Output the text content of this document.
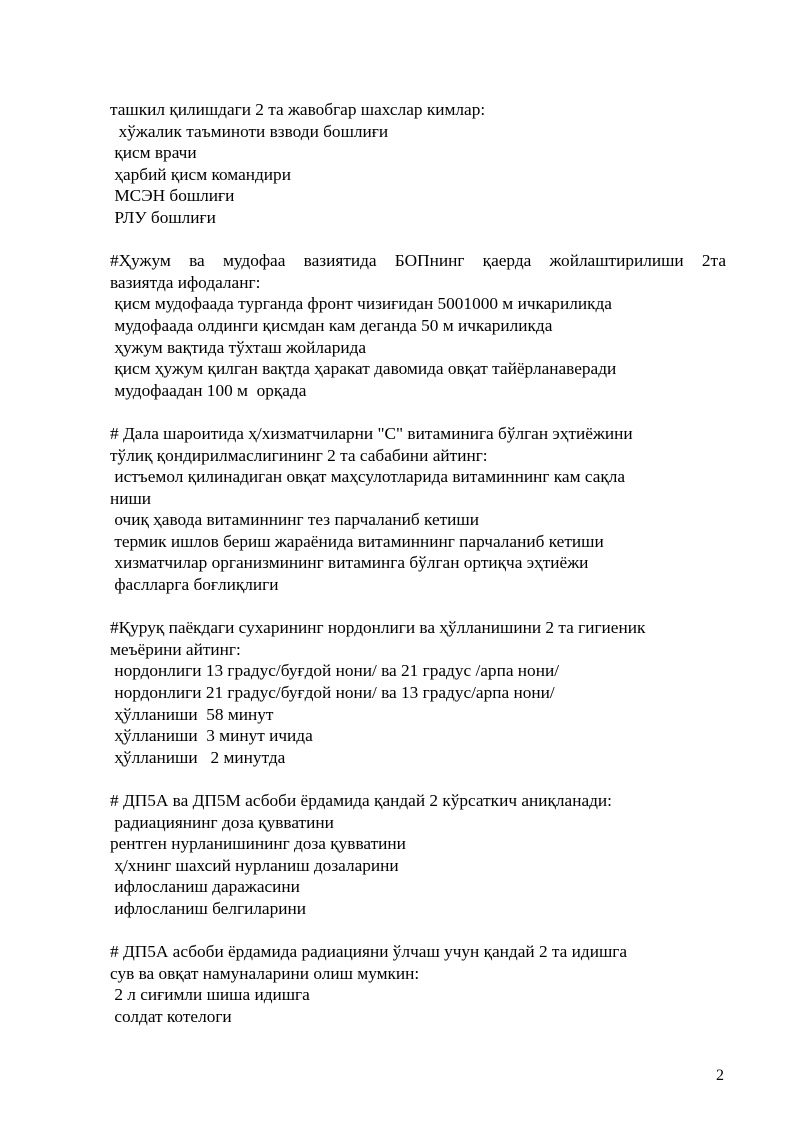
ташкил қилишдаги 2 та жавобгар шахслар кимлар:
хўжалик таъминоти взводи бошлиғи
қисм врачи
ҳарбий қисм командири
МСЭН бошлиғи
РЛУ бошлиғи
#Ҳужум ва мудофаа вазиятида БОПнинг қаерда жойлаштирилиши 2та
вазиятда ифодаланг:
қисм мудофаада турганда фронт чизиғидан 5001000 м ичкариликда
мудофаада олдинги қисмдан кам деганда 50 м ичкариликда
ҳужум вақтида тўхташ жойларида
қисм ҳужум қилган вақтда ҳаракат давомида овқат тайёрланаверади
мудофаадан 100 м  орқада
# Дала шароитида ҳ/хизматчиларни "С" витаминига бўлган эҳтиёжини
тўлиқ қондирилмаслигининг 2 та сабабини айтинг:
истъемол қилинадиган овқат маҳсулотларида витаминнинг кам сақла
ниши
очиқ ҳавода витаминнинг тез парчаланиб кетиши
термик ишлов бериш жараёнида витаминнинг парчаланиб кетиши
хизматчилар организмининг витаминга бўлган ортиқча эҳтиёжи
фаслларга боғлиқлиги
#Қуруқ паёкдаги сухарининг нордонлиги ва ҳўлланишини 2 та гигиеник
меъёрини айтинг:
нордонлиги 13 градус/буғдой нони/ ва 21 градус /арпа нони/
нордонлиги 21 градус/буғдой нони/ ва 13 градус/арпа нони/
ҳўлланиши  58 минут
ҳўлланиши  3 минут ичида
ҳўлланиши   2 минутда
# ДП5А ва ДП5М асбоби ёрдамида қандай 2 кўрсаткич аниқланади:
радиациянинг доза қувватини
рентген нурланишининг доза қувватини
ҳ/хнинг шахсий нурланиш дозаларини
ифлосланиш даражасини
ифлосланиш белгиларини
# ДП5А асбоби ёрдамида радиацияни ўлчаш учун қандай 2 та идишга
сув ва овқат намуналарини олиш мумкин:
2 л сиғимли шиша идишга
солдат котелоги
2
